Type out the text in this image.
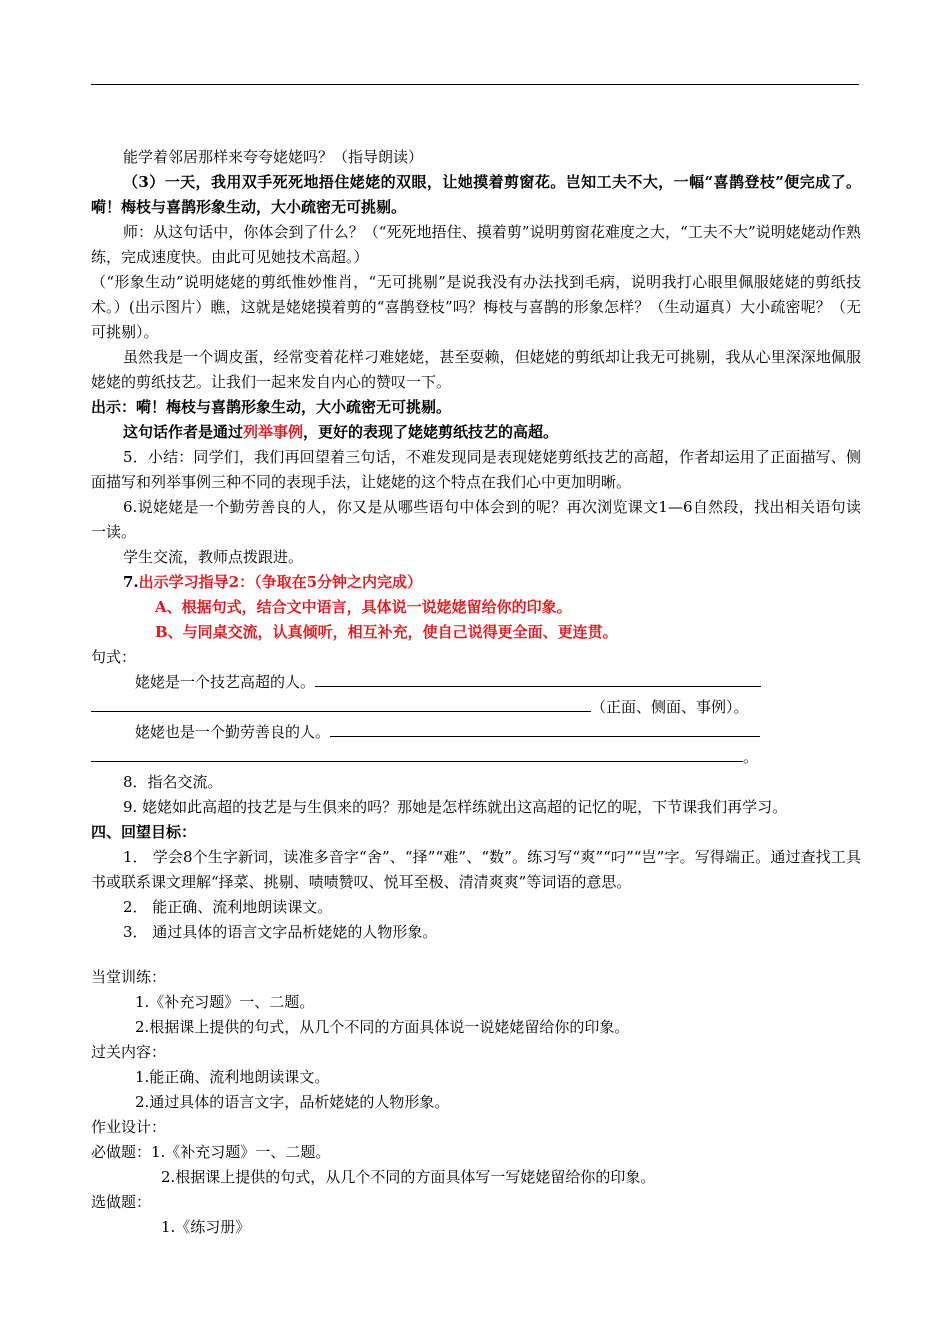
能学着邻居那样来夸夸姥姥吗？（指导朗读）

（3）一天，我用双手死死地捂住姥姥的双眼，让她摸着剪窗花。岂知工夫不大，一幅“喜鹊登枝”便完成了。嗬！梅枝与喜鹊形象生动，大小疏密无可挑剔。

师：从这句话中，你体会到了什么？（“死死地捂住、摸着剪”说明剪窗花难度之大，“工夫不大”说明姥姥动作熟练，完成速度快。由此可见她技术高超。）

（“形象生动”说明姥姥的剪纸惟妙惟肖，“无可挑剔”是说我没有办法找到毛病，说明我打心眼里佩服姥姥的剪纸技术。）(出示图片）瞧，这就是姥姥摸着剪的“喜鹊登枝”吗？梅枝与喜鹊的形象怎样？（生动逼真）大小疏密呢？（无可挑剔）。

虽然我是一个调皮蛋，经常变着花样刁难姥姥，甚至耍赖，但姥姥的剪纸却让我无可挑剔，我从心里深深地佩服姥姥的剪纸技艺。让我们一起来发自内心的赞叹一下。

出示：嗬！梅枝与喜鹊形象生动，大小疏密无可挑剔。

这句话作者是通过列举事例，更好的表现了姥姥剪纸技艺的高超。

5．小结：同学们，我们再回望着三句话，不难发现同是表现姥姥剪纸技艺的高超，作者却运用了正面描写、侧面描写和列举事例三种不同的表现手法，让姥姥的这个特点在我们心中更加明晰。

6.说姥姥是一个勤劳善良的人，你又是从哪些语句中体会到的呢？再次浏览课文1—6自然段，找出相关语句读一读。

学生交流，教师点拨跟进。

7.出示学习指导2：（争取在5分钟之内完成）

A、根据句式，结合文中语言，具体说一说姥姥留给你的印象。

B、与同桌交流，认真倾听，相互补充，使自己说得更全面、更连贯。

句式：

姥姥是一个技艺高超的人。

（正面、侧面、事例）。

姥姥也是一个勤劳善良的人。

。

8．指名交流。

9. 姥姥如此高超的技艺是与生俱来的吗？那她是怎样练就出这高超的记忆的呢，下节课我们再学习。

四、回望目标：

1． 学会8个生字新词，读准多音字“舍”、“择”“难”、“数”。练习写“爽”“叼”“岂”字。写得端正。通过查找工具书或联系课文理解“择菜、挑剔、啧啧赞叹、悦耳至极、清清爽爽”等词语的意思。

2． 能正确、流利地朗读课文。

3． 通过具体的语言文字品析姥姥的人物形象。

当堂训练：

1.《补充习题》一、二题。

2.根据课上提供的句式，从几个不同的方面具体说一说姥姥留给你的印象。

过关内容：

1.能正确、流利地朗读课文。

2.通过具体的语言文字，品析姥姥的人物形象。

作业设计：

必做题：1.《补充习题》一、二题。

2.根据课上提供的句式，从几个不同的方面具体写一写姥姥留给你的印象。

选做题：

1.《练习册》
